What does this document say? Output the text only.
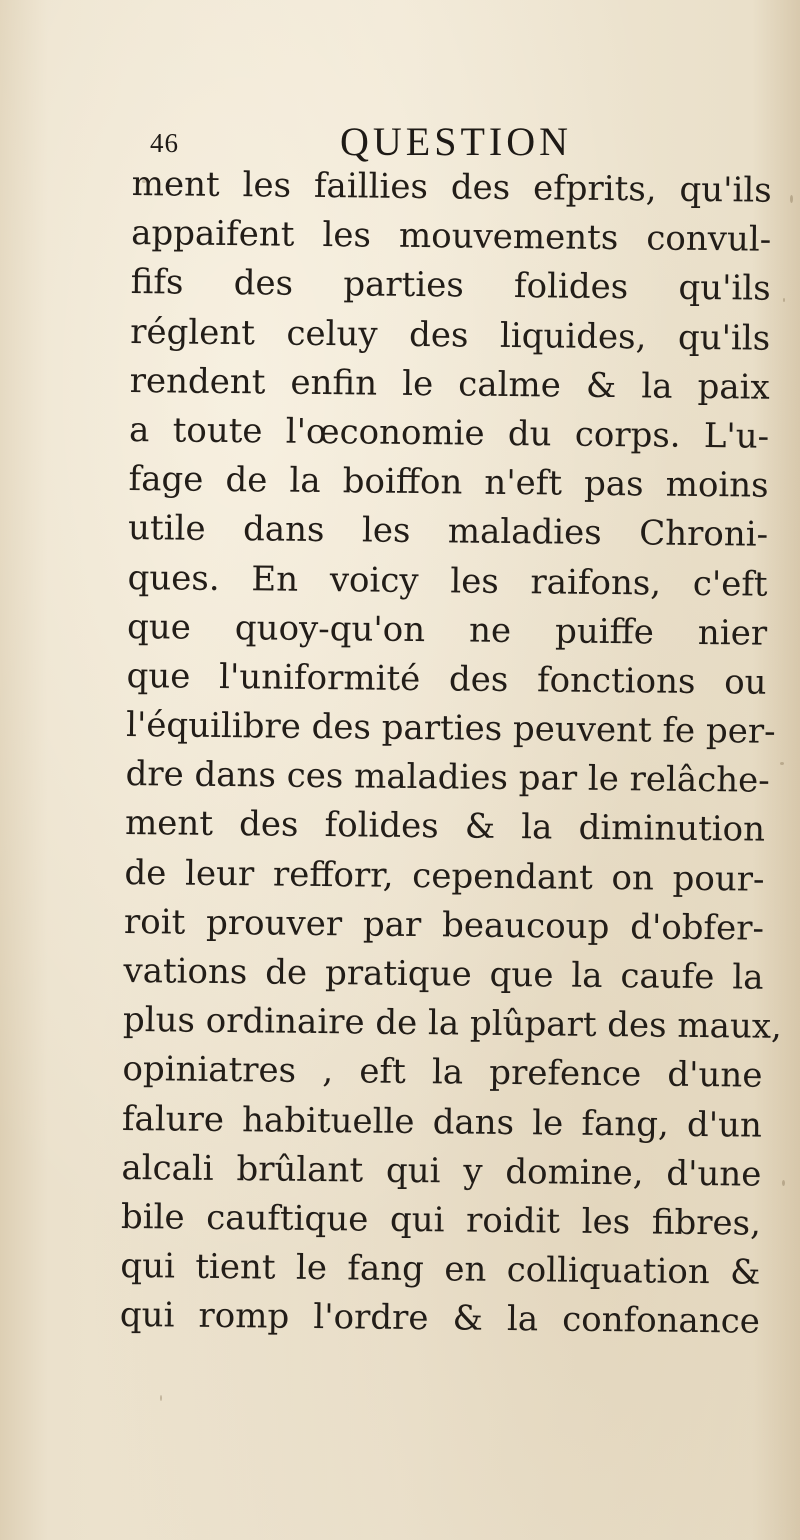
46	QUESTION
ment les faillies des efprits, qu'ils
appaifent les mouvements convul-
fifs des parties folides qu'ils
réglent celuy des liquides, qu'ils
rendent enfin le calme & la paix
a toute l'œconomie du corps. L'u-
fage de la boiffon n'eft pas moins
utile dans les maladies Chroni-
ques. En voicy les raifons, c'eft
que quoy-qu'on ne puiffe nier
que l'uniformité des fonctions ou
l'équilibre des parties peuvent fe per-
dre dans ces maladies par le relâche-
ment des folides & la diminution
de leur refforr, cependant on pour-
roit prouver par beaucoup d'obfer-
vations de pratique que la caufe la
plus ordinaire de la plûpart des maux,
opiniatres , eft la prefence d'une
falure habituelle dans le fang, d'un
alcali brûlant qui y domine, d'une
bile cauftique qui roidit les fibres,
qui tient le fang en colliquation &
qui romp l'ordre & la confonance
